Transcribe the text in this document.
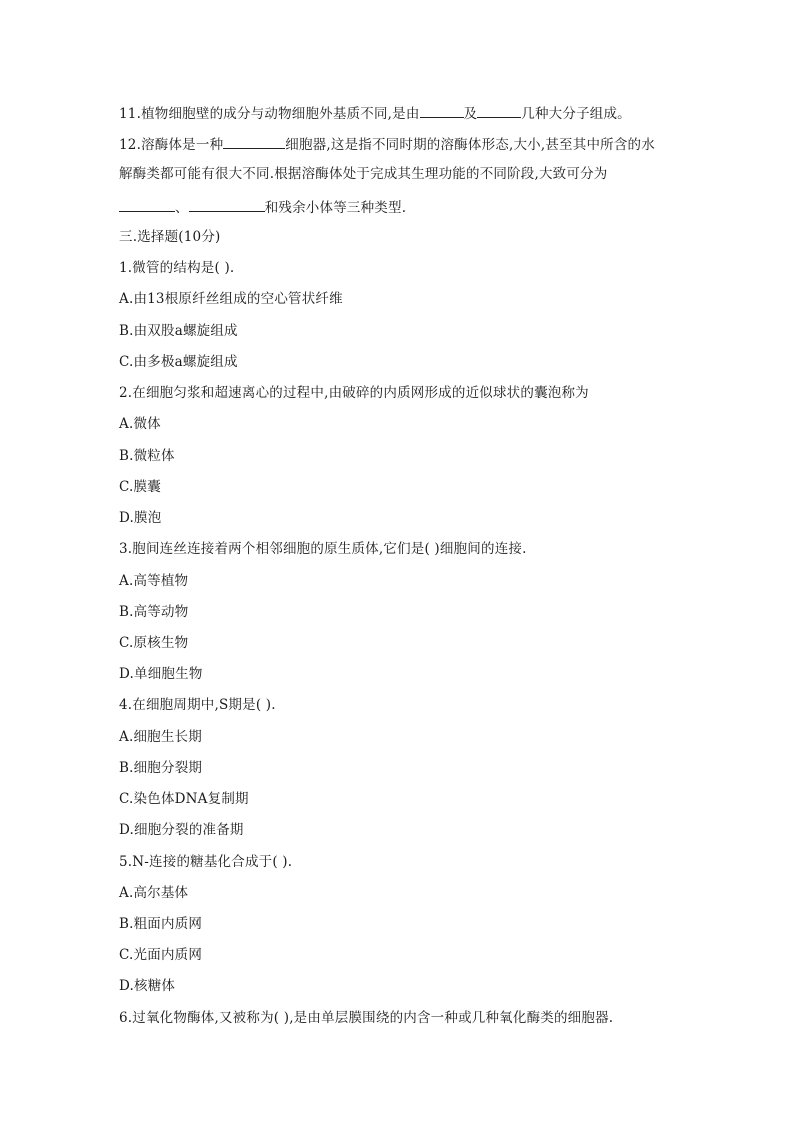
11.植物细胞壁的成分与动物细胞外基质不同,是由	及	几种大分子组成。
12.溶酶体是一种	细胞器,这是指不同时期的溶酶体形态,大小,甚至其中所含的水
解酶类都可能有很大不同.根据溶酶体处于完成其生理功能的不同阶段,大致可分为
、	和残余小体等三种类型.
三.选择题(10分)
1.微管的结构是( ).
A.由13根原纤丝组成的空心管状纤维
B.由双股a螺旋组成
C.由多极a螺旋组成
2.在细胞匀浆和超速离心的过程中,由破碎的内质网形成的近似球状的囊泡称为
A.微体
B.微粒体
C.膜囊
D.膜泡
3.胞间连丝连接着两个相邻细胞的原生质体,它们是( )细胞间的连接.
A.高等植物
B.高等动物
C.原核生物
D.单细胞生物
4.在细胞周期中,S期是( ).
A.细胞生长期
B.细胞分裂期
C.染色体DNA复制期
D.细胞分裂的准备期
5.N-连接的糖基化合成于( ).
A.高尔基体
B.粗面内质网
C.光面内质网
D.核糖体
6.过氧化物酶体,又被称为( ),是由单层膜围绕的内含一种或几种氧化酶类的细胞器.
